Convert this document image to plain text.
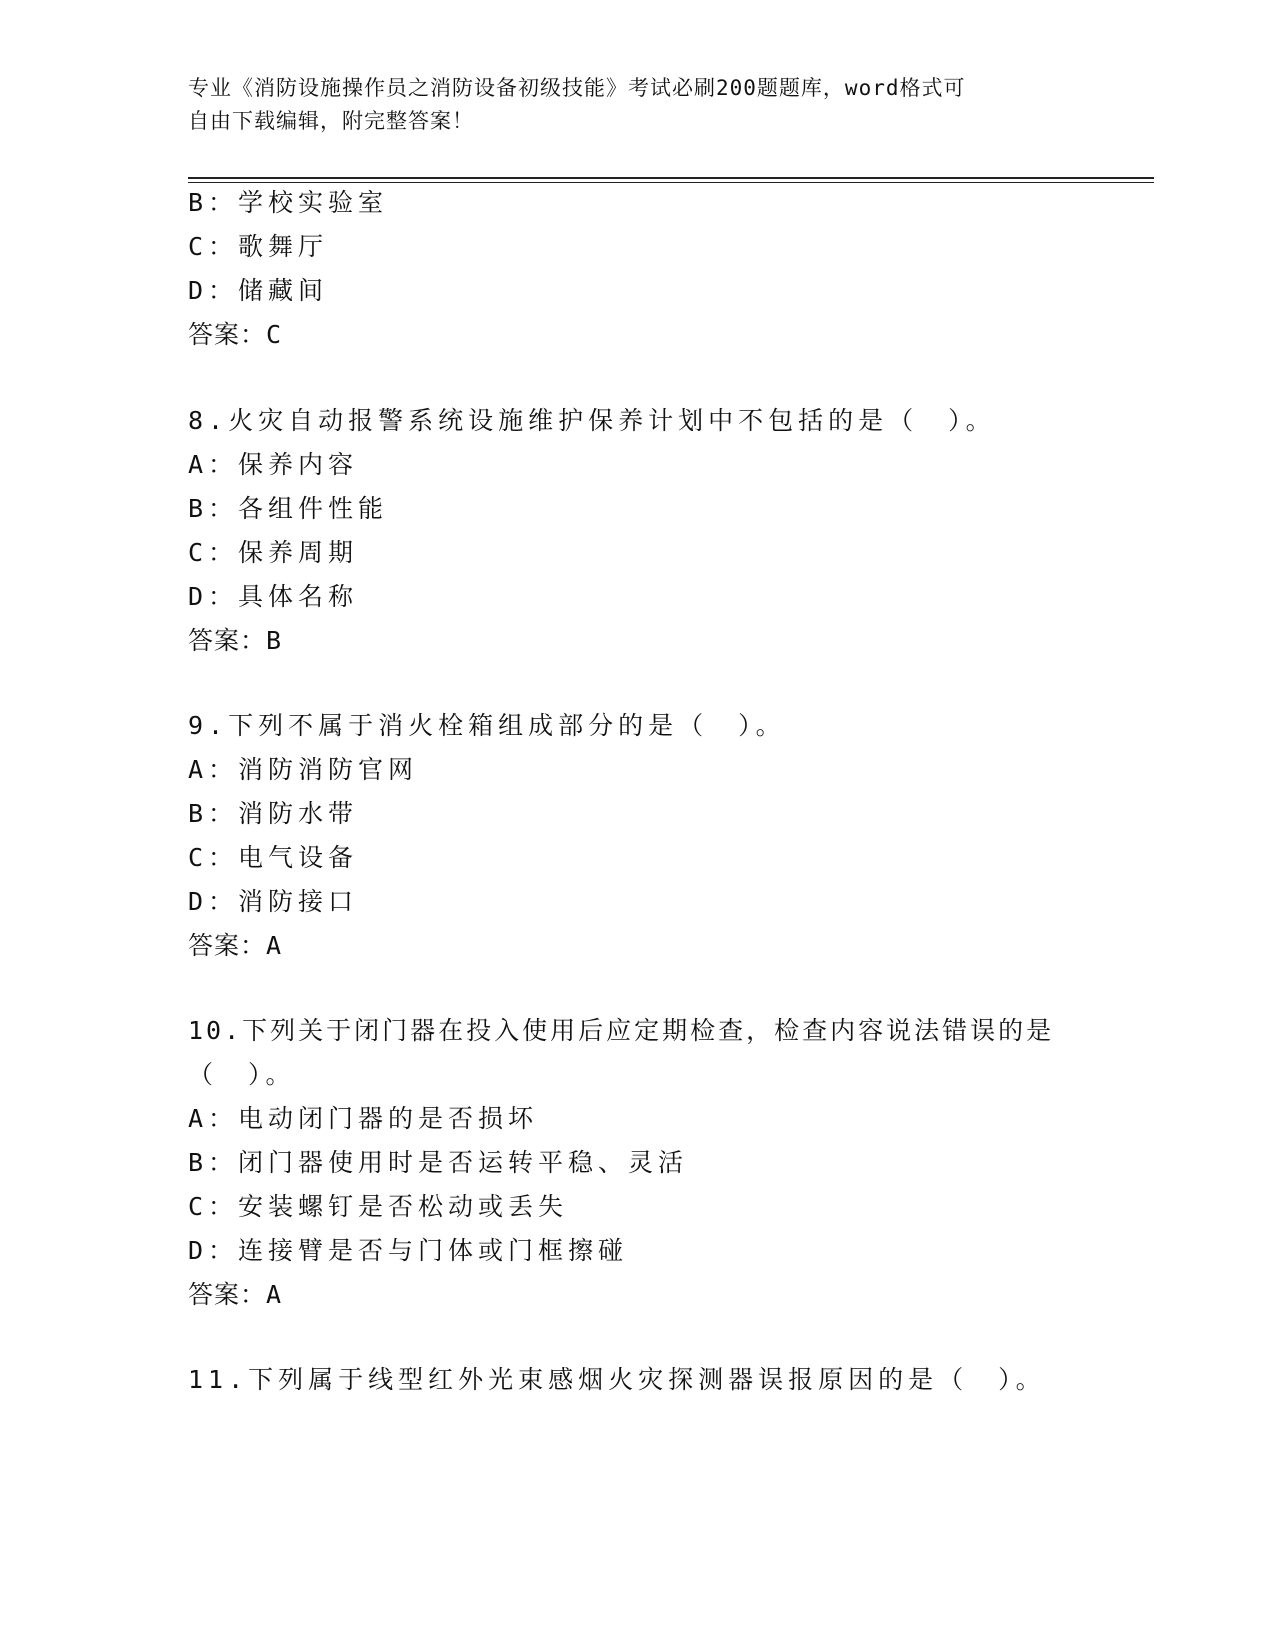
专业《消防设施操作员之消防设备初级技能》考试必刷200题题库，word格式可
自由下载编辑，附完整答案！
B：学校实验室
C：歌舞厅
D：储藏间
答案：C
8.火灾自动报警系统设施维护保养计划中不包括的是（　）。
A：保养内容
B：各组件性能
C：保养周期
D：具体名称
答案：B
9.下列不属于消火栓箱组成部分的是（　）。
A：消防消防官网
B：消防水带
C：电气设备
D：消防接口
答案：A
10.下列关于闭门器在投入使用后应定期检查，检查内容说法错误的是
（　）。
A：电动闭门器的是否损坏
B：闭门器使用时是否运转平稳、灵活
C：安装螺钉是否松动或丢失
D：连接臂是否与门体或门框擦碰
答案：A
11.下列属于线型红外光束感烟火灾探测器误报原因的是（　）。
